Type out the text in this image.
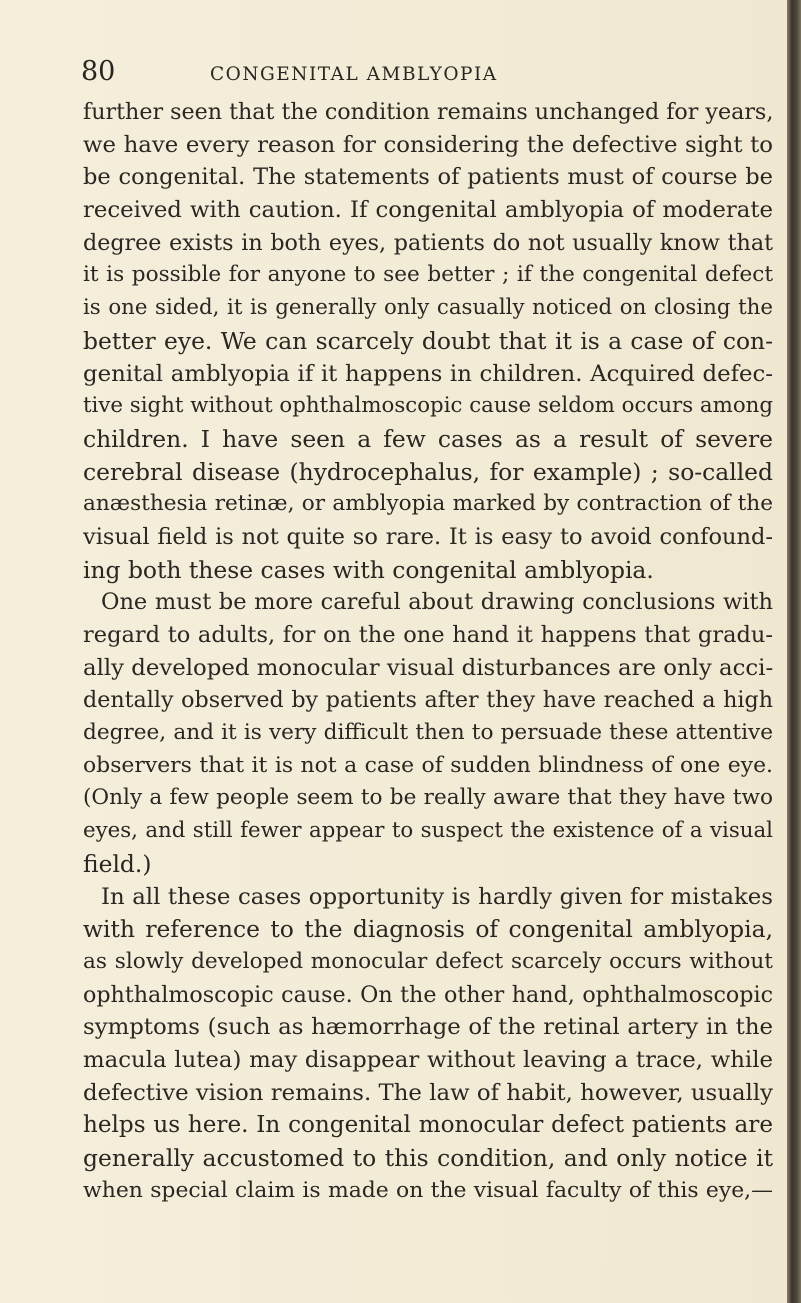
80	CONGENITAL AMBLYOPIA
further seen that the condition remains unchanged for years,
we have every reason for considering the defective sight to
be congenital. The statements of patients must of course be
received with caution. If congenital amblyopia of moderate
degree exists in both eyes, patients do not usually know that
it is possible for anyone to see better ; if the congenital defect
is one sided, it is generally only casually noticed on closing the
better eye. We can scarcely doubt that it is a case of con-
genital amblyopia if it happens in children. Acquired defec-
tive sight without ophthalmoscopic cause seldom occurs among
children. I have seen a few cases as a result of severe
cerebral disease (hydrocephalus, for example) ; so-called
anæsthesia retinæ, or amblyopia marked by contraction of the
visual field is not quite so rare. It is easy to avoid confound-
ing both these cases with congenital amblyopia.
One must be more careful about drawing conclusions with
regard to adults, for on the one hand it happens that gradu-
ally developed monocular visual disturbances are only acci-
dentally observed by patients after they have reached a high
degree, and it is very difficult then to persuade these attentive
observers that it is not a case of sudden blindness of one eye.
(Only a few people seem to be really aware that they have two
eyes, and still fewer appear to suspect the existence of a visual
field.)
In all these cases opportunity is hardly given for mistakes
with reference to the diagnosis of congenital amblyopia,
as slowly developed monocular defect scarcely occurs without
ophthalmoscopic cause. On the other hand, ophthalmoscopic
symptoms (such as hæmorrhage of the retinal artery in the
macula lutea) may disappear without leaving a trace, while
defective vision remains. The law of habit, however, usually
helps us here. In congenital monocular defect patients are
generally accustomed to this condition, and only notice it
when special claim is made on the visual faculty of this eye,—
